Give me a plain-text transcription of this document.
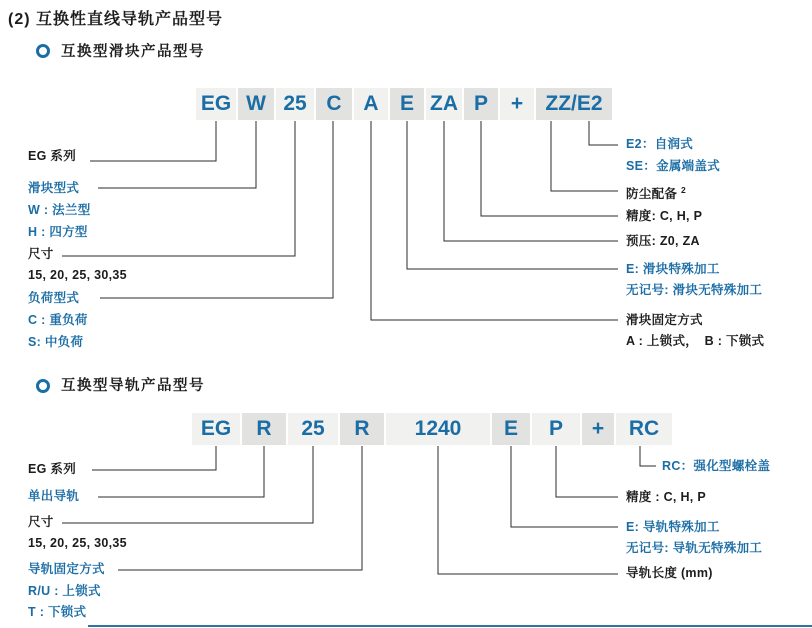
(2) 互换性直线导轨产品型号
互换型滑块产品型号
EG W 25 C	A	E ZA P	+	ZZ/E2
EG 系列
滑块型式
W : 法兰型
H : 四方型
尺寸
15, 20, 25, 30,35
负荷型式
C : 重负荷
S: 中负荷
E2：自润式
SE：金属端盖式
防尘配备 $^2$
精度: C, H, P
预压: Z0, ZA
E: 滑块特殊加工
无记号: 滑块无特殊加工
滑块固定方式
A : 上锁式，　B : 下锁式
互换型导轨产品型号
EG	R	25	R	1240	E	P	+	RC
EG 系列
单出导轨
尺寸
15, 20, 25, 30,35
导轨固定方式
R/U : 上锁式
T : 下锁式
RC：强化型螺栓盖
精度 : C, H, P
E: 导轨特殊加工
无记号: 导轨无特殊加工
导轨长度 (mm)
